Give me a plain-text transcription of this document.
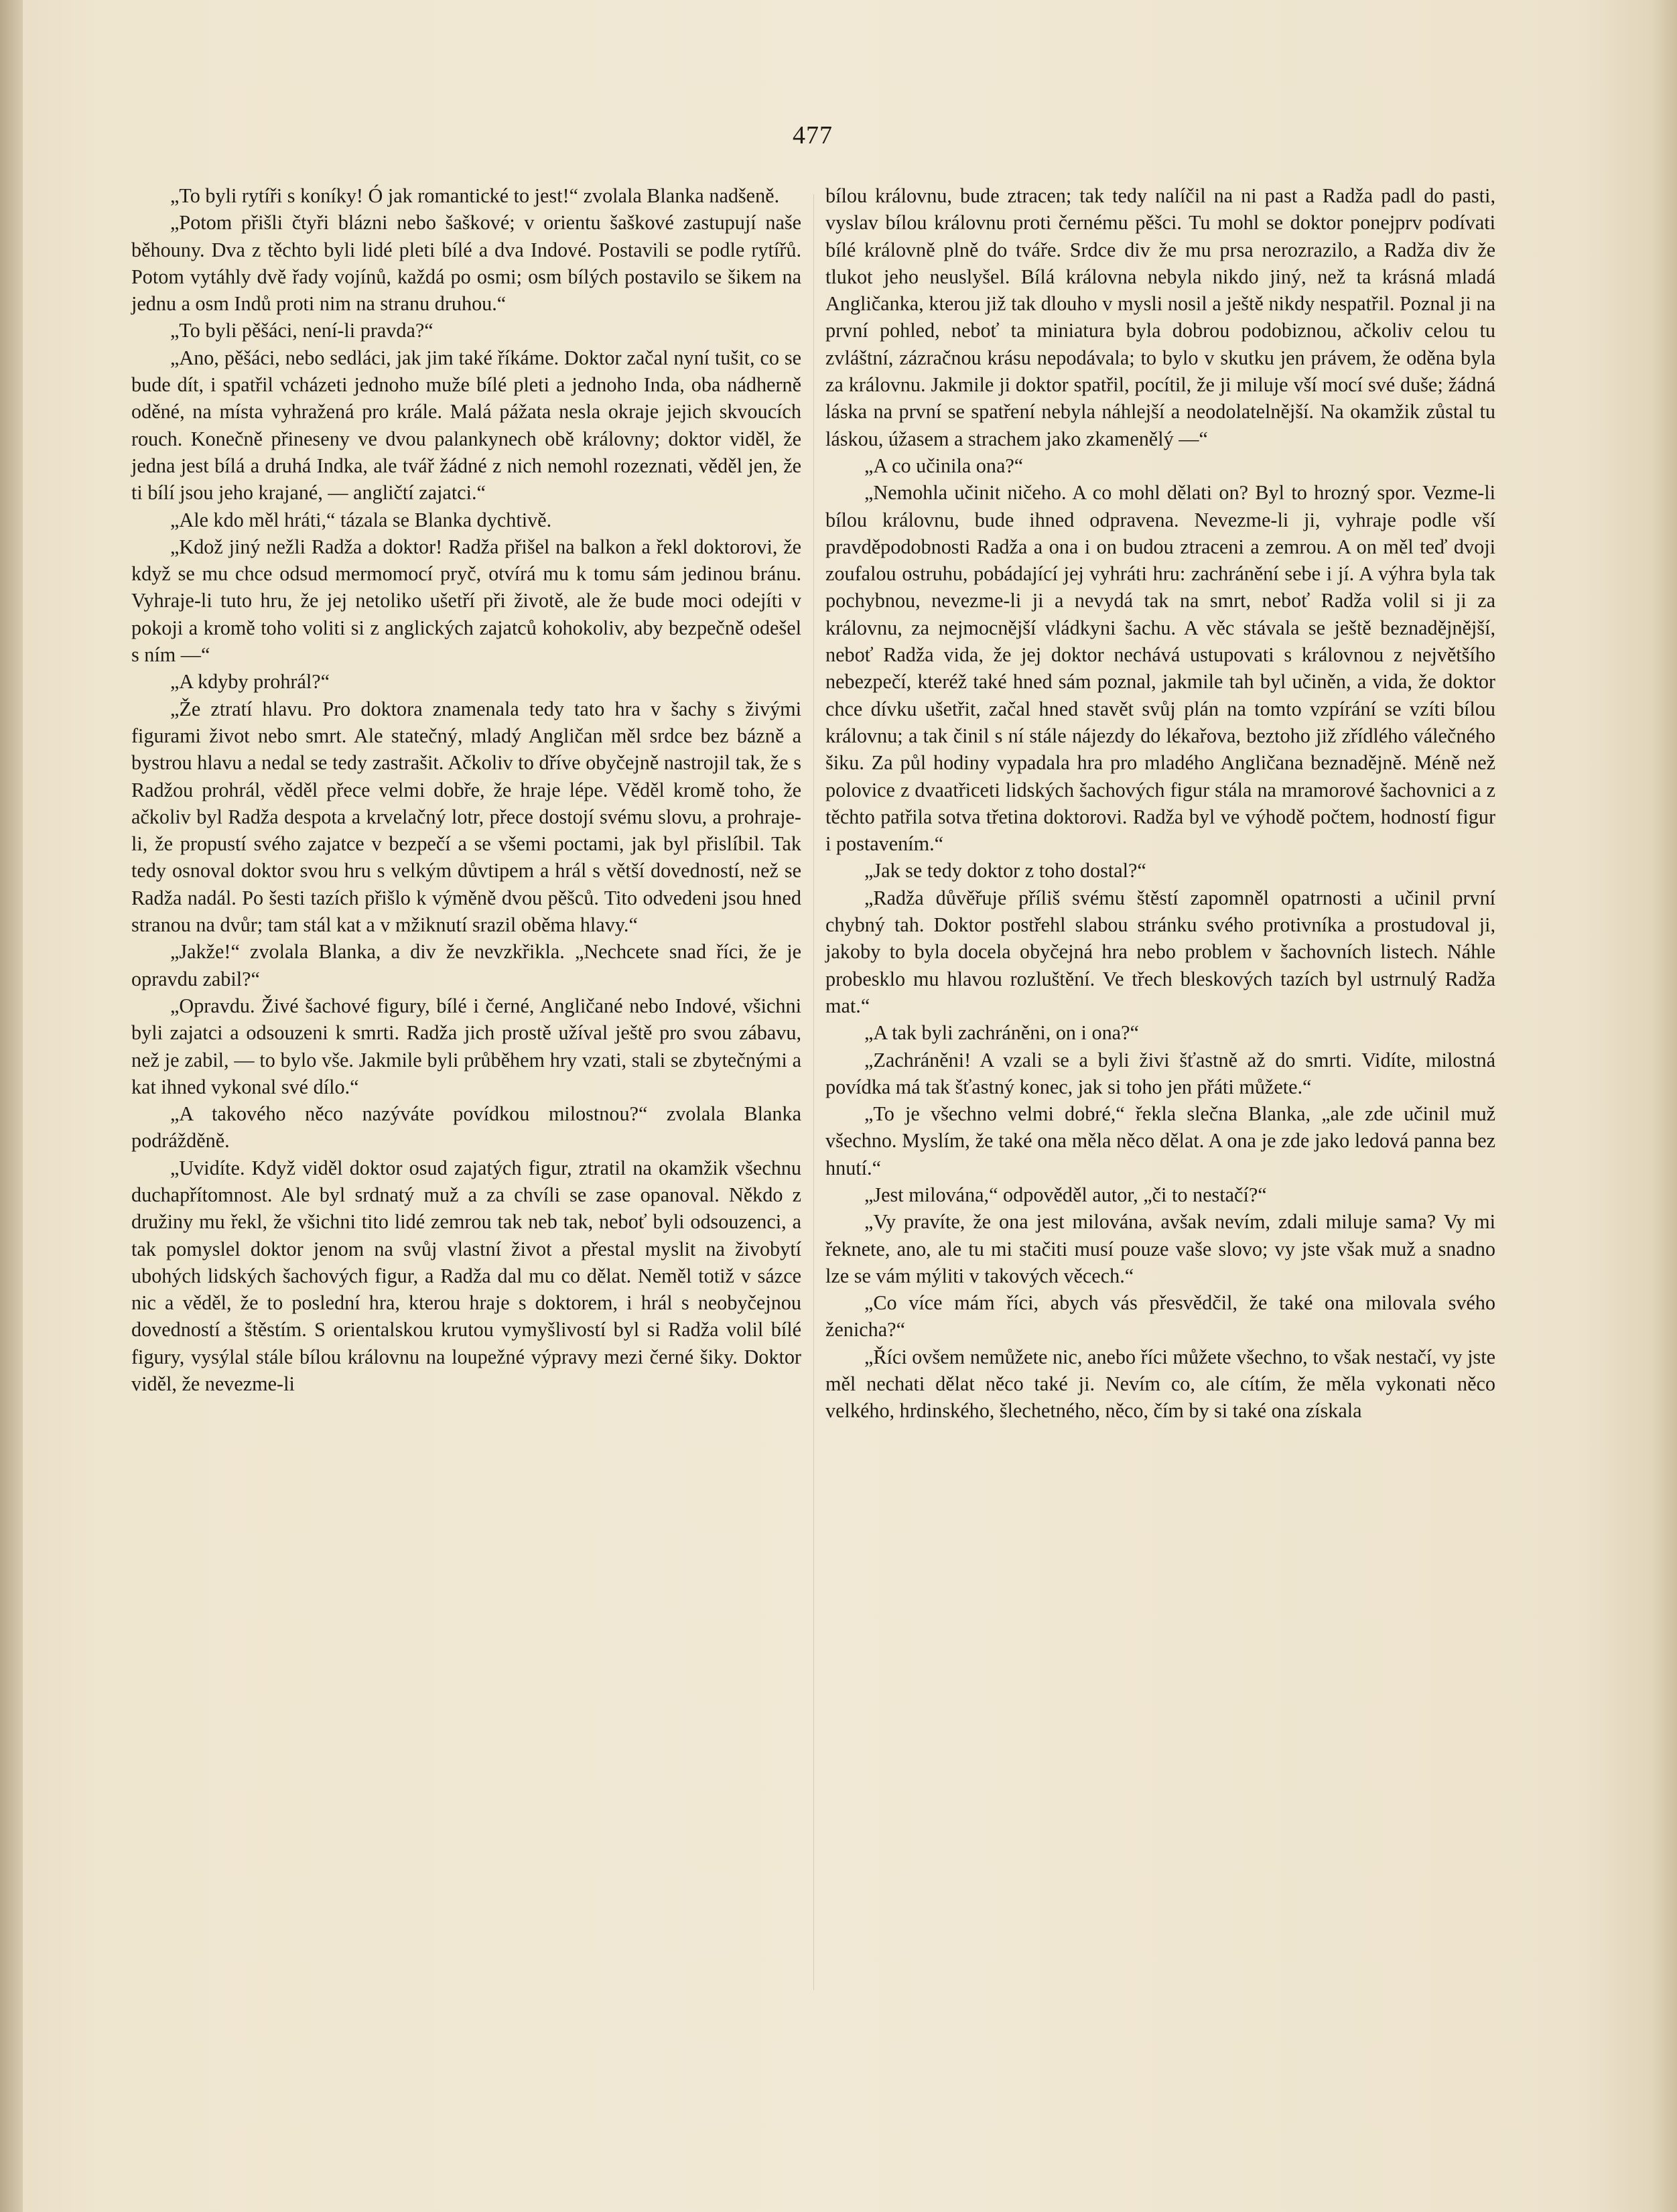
477

„To byli rytíři s koníky! Ó jak romantické to jest!“ zvolala Blanka nadšeně.

„Potom přišli čtyři blázni nebo šaškové; v orientu šaškové zastupují naše běhouny. Dva z těchto byli lidé pleti bílé a dva Indové. Postavili se podle rytířů. Potom vytáhly dvě řady vojínů, každá po osmi; osm bílých postavilo se šikem na jednu a osm Indů proti nim na stranu druhou.“

„To byli pěšáci, není-li pravda?“

„Ano, pěšáci, nebo sedláci, jak jim také říkáme. Doktor začal nyní tušit, co se bude dít, i spatřil vcházeti jednoho muže bílé pleti a jednoho Inda, oba nádherně oděné, na místa vyhražená pro krále. Malá pážata nesla okraje jejich skvoucích rouch. Konečně přineseny ve dvou palankynech obě královny; doktor viděl, že jedna jest bílá a druhá Indka, ale tvář žádné z nich nemohl rozeznati, věděl jen, že ti bílí jsou jeho krajané, — angličtí zajatci.“

„Ale kdo měl hráti,“ tázala se Blanka dychtivě.

„Kdož jiný nežli Radža a doktor! Radža přišel na balkon a řekl doktorovi, že když se mu chce odsud mermomocí pryč, otvírá mu k tomu sám jedinou bránu. Vyhraje-li tuto hru, že jej netoliko ušetří při životě, ale že bude moci odejíti v pokoji a kromě toho voliti si z anglických zajatců kohokoliv, aby bezpečně odešel s ním —“

„A kdyby prohrál?“

„Že ztratí hlavu. Pro doktora znamenala tedy tato hra v šachy s živými figurami život nebo smrt. Ale statečný, mladý Angličan měl srdce bez bázně a bystrou hlavu a nedal se tedy zastrašit. Ačkoliv to dříve obyčejně nastrojil tak, že s Radžou prohrál, věděl přece velmi dobře, že hraje lépe. Věděl kromě toho, že ačkoliv byl Radža despota a krvelačný lotr, přece dostojí svému slovu, a prohraje-li, že propustí svého zajatce v bezpečí a se všemi poctami, jak byl přislíbil. Tak tedy osnoval doktor svou hru s velkým důvtipem a hrál s větší dovedností, než se Radža nadál. Po šesti tazích přišlo k výměně dvou pěšců. Tito odvedeni jsou hned stranou na dvůr; tam stál kat a v mžiknutí srazil oběma hlavy.“

„Jakže!“ zvolala Blanka, a div že nevzkřikla. „Nechcete snad říci, že je opravdu zabil?“

„Opravdu. Živé šachové figury, bílé i černé, Angličané nebo Indové, všichni byli zajatci a odsouzeni k smrti. Radža jich prostě užíval ještě pro svou zábavu, než je zabil, — to bylo vše. Jakmile byli průběhem hry vzati, stali se zbytečnými a kat ihned vykonal své dílo.“

„A takového něco nazýváte povídkou milostnou?“ zvolala Blanka podrážděně.

„Uvidíte. Když viděl doktor osud zajatých figur, ztratil na okamžik všechnu duchapřítomnost. Ale byl srdnatý muž a za chvíli se zase opanoval. Někdo z družiny mu řekl, že všichni tito lidé zemrou tak neb tak, neboť byli odsouzenci, a tak pomyslel doktor jenom na svůj vlastní život a přestal myslit na živobytí ubohých lidských šachových figur, a Radža dal mu co dělat. Neměl totiž v sázce nic a věděl, že to poslední hra, kterou hraje s doktorem, i hrál s neobyčejnou dovedností a štěstím. S orientalskou krutou vymyšlivostí byl si Radža volil bílé figury, vysýlal stále bílou královnu na loupežné výpravy mezi černé šiky. Doktor viděl, že nevezme-li

bílou královnu, bude ztracen; tak tedy nalíčil na ni past a Radža padl do pasti, vyslav bílou královnu proti černému pěšci. Tu mohl se doktor ponejprv podívati bílé královně plně do tváře. Srdce div že mu prsa nerozrazilo, a Radža div že tlukot jeho neuslyšel. Bílá královna nebyla nikdo jiný, než ta krásná mladá Angličanka, kterou již tak dlouho v mysli nosil a ještě nikdy nespatřil. Poznal ji na první pohled, neboť ta miniatura byla dobrou podobiznou, ačkoliv celou tu zvláštní, zázračnou krásu nepodávala; to bylo v skutku jen právem, že oděna byla za královnu. Jakmile ji doktor spatřil, pocítil, že ji miluje vší mocí své duše; žádná láska na první se spatření nebyla náhlejší a neodolatelnější. Na okamžik zůstal tu láskou, úžasem a strachem jako zkamenělý —“

„A co učinila ona?“

„Nemohla učinit ničeho. A co mohl dělati on? Byl to hrozný spor. Vezme-li bílou královnu, bude ihned odpravena. Nevezme-li ji, vyhraje podle vší pravděpodobnosti Radža a ona i on budou ztraceni a zemrou. A on měl teď dvoji zoufalou ostruhu, pobádající jej vyhráti hru: zachránění sebe i jí. A výhra byla tak pochybnou, nevezme-li ji a nevydá tak na smrt, neboť Radža volil si ji za královnu, za nejmocnější vládkyni šachu. A věc stávala se ještě beznadějnější, neboť Radža vida, že jej doktor nechává ustupovati s královnou z největšího nebezpečí, kteréž také hned sám poznal, jakmile tah byl učiněn, a vida, že doktor chce dívku ušetřit, začal hned stavět svůj plán na tomto vzpírání se vzíti bílou královnu; a tak činil s ní stále nájezdy do lékařova, beztoho již zřídlého válečného šiku. Za půl hodiny vypadala hra pro mladého Angličana beznadějně. Méně než polovice z dvaatřiceti lidských šachových figur stála na mramorové šachovnici a z těchto patřila sotva třetina doktorovi. Radža byl ve výhodě počtem, hodností figur i postavením.“

„Jak se tedy doktor z toho dostal?“

„Radža důvěřuje příliš svému štěstí zapomněl opatrnosti a učinil první chybný tah. Doktor postřehl slabou stránku svého protivníka a prostudoval ji, jakoby to byla docela obyčejná hra nebo problem v šachovních listech. Náhle probesklo mu hlavou rozluštění. Ve třech bleskových tazích byl ustrnulý Radža mat.“

„A tak byli zachráněni, on i ona?“

„Zachráněni! A vzali se a byli živi šťastně až do smrti. Vidíte, milostná povídka má tak šťastný konec, jak si toho jen přáti můžete.“

„To je všechno velmi dobré,“ řekla slečna Blanka, „ale zde učinil muž všechno. Myslím, že také ona měla něco dělat. A ona je zde jako ledová panna bez hnutí.“

„Jest milována,“ odpověděl autor, „či to nestačí?“

„Vy pravíte, že ona jest milována, avšak nevím, zdali miluje sama? Vy mi řeknete, ano, ale tu mi stačiti musí pouze vaše slovo; vy jste však muž a snadno lze se vám mýliti v takových věcech.“

„Co více mám říci, abych vás přesvědčil, že také ona milovala svého ženicha?“

„Říci ovšem nemůžete nic, anebo říci můžete všechno, to však nestačí, vy jste měl nechati dělat něco také ji. Nevím co, ale cítím, že měla vykonati něco velkého, hrdinského, šlechetného, něco, čím by si také ona získala
